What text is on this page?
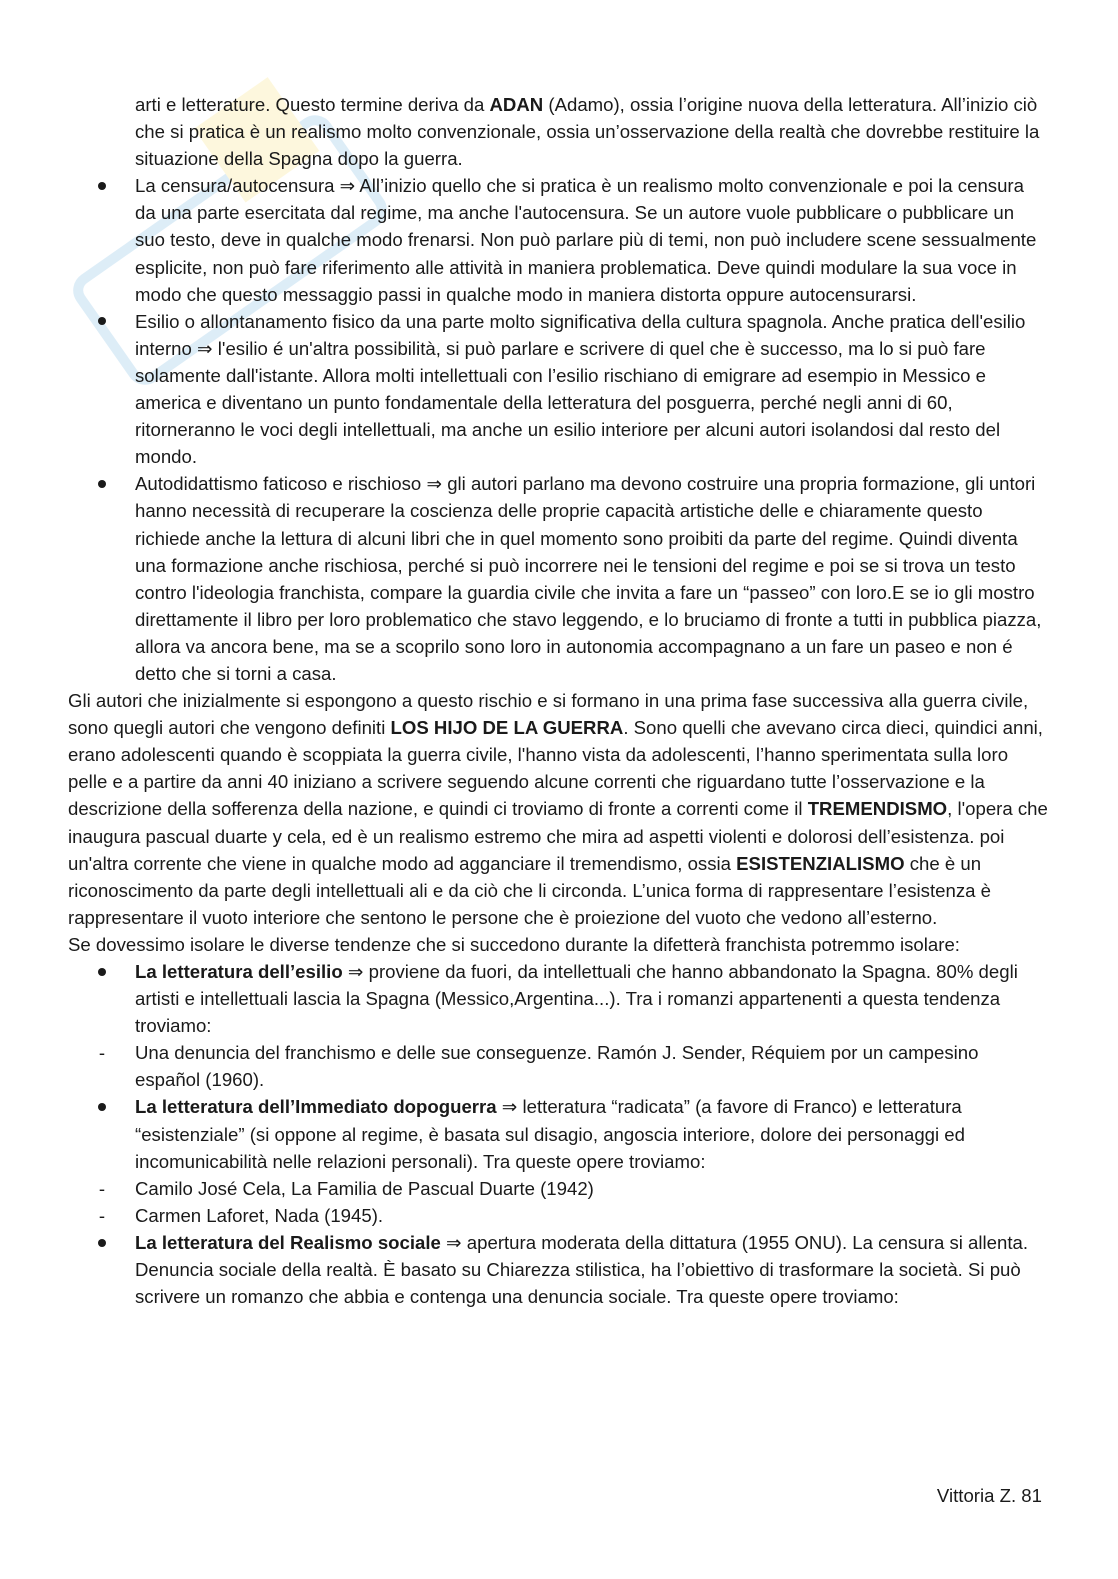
arti e letterature. Questo termine deriva da ADAN (Adamo), ossia l’origine nuova della letteratura. All’inizio ciò che si pratica è un realismo molto convenzionale, ossia un’osservazione della realtà che dovrebbe restituire la situazione della Spagna dopo la guerra.

La censura/autocensura ⇒ All’inizio quello che si pratica è un realismo molto convenzionale e poi la censura da una parte esercitata dal regime, ma anche l'autocensura. Se un autore vuole pubblicare o pubblicare un suo testo, deve in qualche modo frenarsi. Non può parlare più di temi, non può includere scene sessualmente esplicite, non può fare riferimento alle attività in maniera problematica. Deve quindi modulare la sua voce in modo che questo messaggio passi in qualche modo in maniera distorta oppure autocensurarsi.

Esilio o allontanamento fisico da una parte molto significativa della cultura spagnola. Anche pratica dell'esilio interno ⇒ l'esilio é un'altra possibilità, si può parlare e scrivere di quel che è successo, ma lo si può fare solamente dall'istante. Allora molti intellettuali con l’esilio rischiano di emigrare ad esempio in Messico e america e diventano un punto fondamentale della letteratura del posguerra, perché negli anni di 60, ritorneranno le voci degli intellettuali, ma anche un esilio interiore per alcuni autori isolandosi dal resto del mondo.

Autodidattismo faticoso e rischioso ⇒ gli autori parlano ma devono costruire una propria formazione, gli untori hanno necessità di recuperare la coscienza delle proprie capacità artistiche delle e chiaramente questo richiede anche la lettura di alcuni libri che in quel momento sono proibiti da parte del regime. Quindi diventa una formazione anche rischiosa, perché si può incorrere nei le tensioni del regime e poi se si trova un testo contro l'ideologia franchista, compare la guardia civile che invita a fare un “passeo” con loro.E se io gli mostro direttamente il libro per loro problematico che stavo leggendo, e lo bruciamo di fronte a tutti in pubblica piazza, allora va ancora bene, ma se a scoprilo sono loro in autonomia accompagnano a un fare un paseo e non é detto che si torni a casa.

Gli autori che inizialmente si espongono a questo rischio e si formano in una prima fase successiva alla guerra civile, sono quegli autori che vengono definiti LOS HIJO DE LA GUERRA. Sono quelli che avevano circa dieci, quindici anni, erano adolescenti quando è scoppiata la guerra civile, l'hanno vista da adolescenti, l’hanno sperimentata sulla loro pelle e a partire da anni 40 iniziano a scrivere seguendo alcune correnti che riguardano tutte l’osservazione e la descrizione della sofferenza della nazione, e quindi ci troviamo di fronte a correnti come il TREMENDISMO, l'opera che inaugura pascual duarte y cela, ed è un realismo estremo che mira ad aspetti violenti e dolorosi dell’esistenza. poi un'altra corrente che viene in qualche modo ad agganciare il tremendismo, ossia ESISTENZIALISMO che è un riconoscimento da parte degli intellettuali ali e da ciò che li circonda. L’unica forma di rappresentare l’esistenza è rappresentare il vuoto interiore che sentono le persone che è proiezione del vuoto che vedono all’esterno.

Se dovessimo isolare le diverse tendenze che si succedono durante la difetterà franchista potremmo isolare:

La letteratura dell’esilio ⇒ proviene da fuori, da intellettuali che hanno abbandonato la Spagna. 80% degli artisti e intellettuali lascia la Spagna (Messico,Argentina...). Tra i romanzi appartenenti a questa tendenza troviamo:

-	Una denuncia del franchismo e delle sue conseguenze. Ramón J. Sender, Réquiem por un campesino español (1960).

La letteratura dell’Immediato dopoguerra ⇒ letteratura “radicata” (a favore di Franco) e letteratura “esistenziale” (si oppone al regime, è basata sul disagio, angoscia interiore, dolore dei personaggi ed incomunicabilità nelle relazioni personali). Tra queste opere troviamo:

-	Camilo José Cela, La Familia de Pascual Duarte (1942)

-	Carmen Laforet, Nada (1945).

La letteratura del Realismo sociale ⇒ apertura moderata della dittatura (1955 ONU). La censura si allenta. Denuncia sociale della realtà. È basato su Chiarezza stilistica, ha l’obiettivo di trasformare la società. Si può scrivere un romanzo che abbia e contenga una denuncia sociale. Tra queste opere troviamo:

Vittoria Z. 81
